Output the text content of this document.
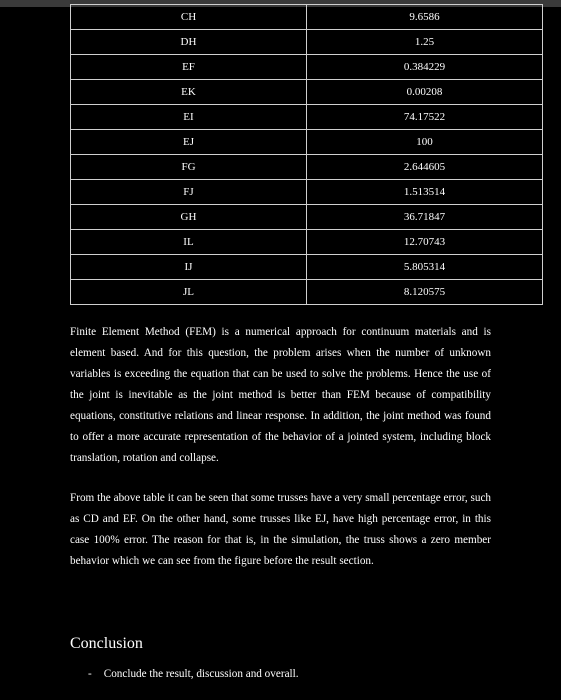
CH	9.6586
DH	1.25
EF	0.384229
EK	0.00208
EI	74.17522
EJ	100
FG	2.644605
FJ	1.513514
GH	36.71847
IL	12.70743
IJ	5.805314
JL	8.120575

Finite Element Method (FEM) is a numerical approach for continuum materials and is element based. And for this question, the problem arises when the number of unknown variables is exceeding the equation that can be used to solve the problems. Hence the use of the joint is inevitable as the joint method is better than FEM because of compatibility equations, constitutive relations and linear response. In addition, the joint method was found to offer a more accurate representation of the behavior of a jointed system, including block translation, rotation and collapse.

From the above table it can be seen that some trusses have a very small percentage error, such as CD and EF. On the other hand, some trusses like EJ, have high percentage error, in this case 100% error. The reason for that is, in the simulation, the truss shows a zero member behavior which we can see from the figure before the result section.

Conclusion
- Conclude the result, discussion and overall.
